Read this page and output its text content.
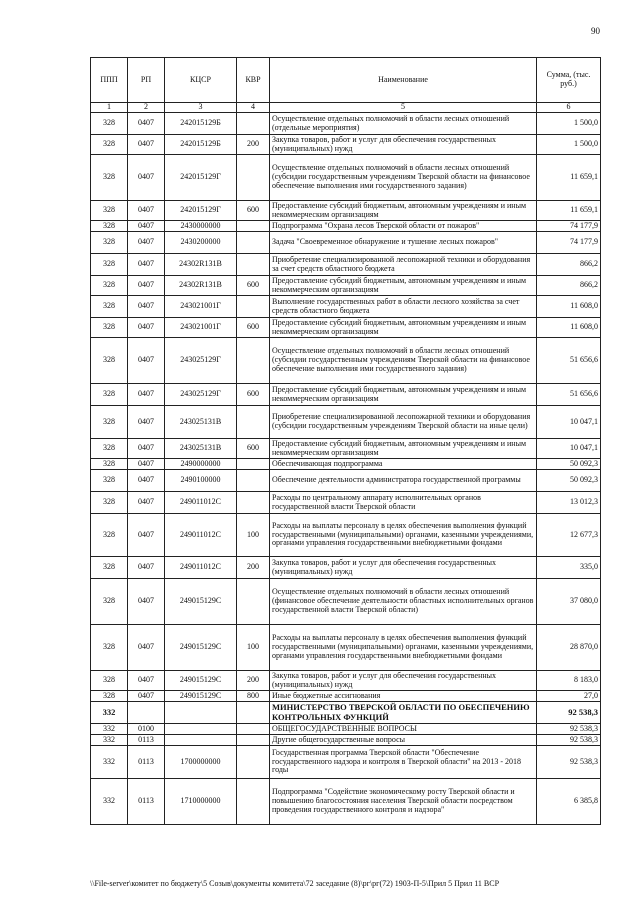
90
ППП	РП	КЦСР	КВР	Наименование	Сумма, (тыс. руб.)
1	2	3	4	5	6
328	0407	242015129Б		Осуществление отдельных полномочий в области лесных отношений (отдельные мероприятия)	1 500,0
328	0407	242015129Б	200	Закупка товаров, работ и услуг для обеспечения государственных (муниципальных) нужд	1 500,0
328	0407	242015129Г		Осуществление отдельных полномочий в области лесных отношений (субсидии государственным учреждениям Тверской области на финансовое обеспечение выполнения ими государственного задания)	11 659,1
328	0407	242015129Г	600	Предоставление субсидий бюджетным, автономным учреждениям и иным некоммерческим организациям	11 659,1
328	0407	2430000000		Подпрограмма "Охрана лесов Тверской области от пожаров"	74 177,9
328	0407	2430200000		Задача "Своевременное обнаружение и тушение лесных пожаров"	74 177,9
328	0407	24302R131В		Приобретение специализированной лесопожарной техники и оборудования за счет средств областного бюджета	866,2
328	0407	24302R131В	600	Предоставление субсидий бюджетным, автономным учреждениям и иным некоммерческим организациям	866,2
328	0407	243021001Г		Выполнение государственных работ в области лесного хозяйства за счет средств областного бюджета	11 608,0
328	0407	243021001Г	600	Предоставление субсидий бюджетным, автономным учреждениям и иным некоммерческим организациям	11 608,0
328	0407	243025129Г		Осуществление отдельных полномочий в области лесных отношений (субсидии государственным учреждениям Тверской области на финансовое обеспечение выполнения ими государственного задания)	51 656,6
328	0407	243025129Г	600	Предоставление субсидий бюджетным, автономным учреждениям и иным некоммерческим организациям	51 656,6
328	0407	243025131В		Приобретение специализированной лесопожарной техники и оборудования (субсидии государственным учреждениям Тверской области на иные цели)	10 047,1
328	0407	243025131В	600	Предоставление субсидий бюджетным, автономным учреждениям и иным некоммерческим организациям	10 047,1
328	0407	2490000000		Обеспечивающая подпрограмма	50 092,3
328	0407	2490100000		Обеспечение деятельности администратора государственной программы	50 092,3
328	0407	249011012С		Расходы по центральному аппарату исполнительных органов государственной власти Тверской области	13 012,3
328	0407	249011012С	100	Расходы на выплаты персоналу в целях обеспечения выполнения функций государственными (муниципальными) органами, казенными учреждениями, органами управления государственными внебюджетными фондами	12 677,3
328	0407	249011012С	200	Закупка товаров, работ и услуг для обеспечения государственных (муниципальных) нужд	335,0
328	0407	249015129С		Осуществление отдельных полномочий в области лесных отношений (финансовое обеспечение деятельности областных исполнительных органов государственной власти Тверской области)	37 080,0
328	0407	249015129С	100	Расходы на выплаты персоналу в целях обеспечения выполнения функций государственными (муниципальными) органами, казенными учреждениями, органами управления государственными внебюджетными фондами	28 870,0
328	0407	249015129С	200	Закупка товаров, работ и услуг для обеспечения государственных (муниципальных) нужд	8 183,0
328	0407	249015129С	800	Иные бюджетные ассигнования	27,0
332				МИНИСТЕРСТВО ТВЕРСКОЙ ОБЛАСТИ ПО ОБЕСПЕЧЕНИЮ КОНТРОЛЬНЫХ ФУНКЦИЙ	92 538,3
332	0100			ОБЩЕГОСУДАРСТВЕННЫЕ ВОПРОСЫ	92 538,3
332	0113			Другие общегосударственные вопросы	92 538,3
332	0113	1700000000		Государственная программа Тверской области "Обеспечение государственного надзора и контроля в Тверской области" на 2013 - 2018 годы	92 538,3
332	0113	1710000000		Подпрограмма "Содействие экономическому росту Тверской области и повышению благосостояния населения Тверской области посредством проведения государственного контроля и надзора"	6 385,8
\\File-server\комитет по бюджету\5 Созыв\документы комитета\72 заседание (8)\рг\рг(72) 1903-П-5\Прил 5 Прил 11 ВСР
